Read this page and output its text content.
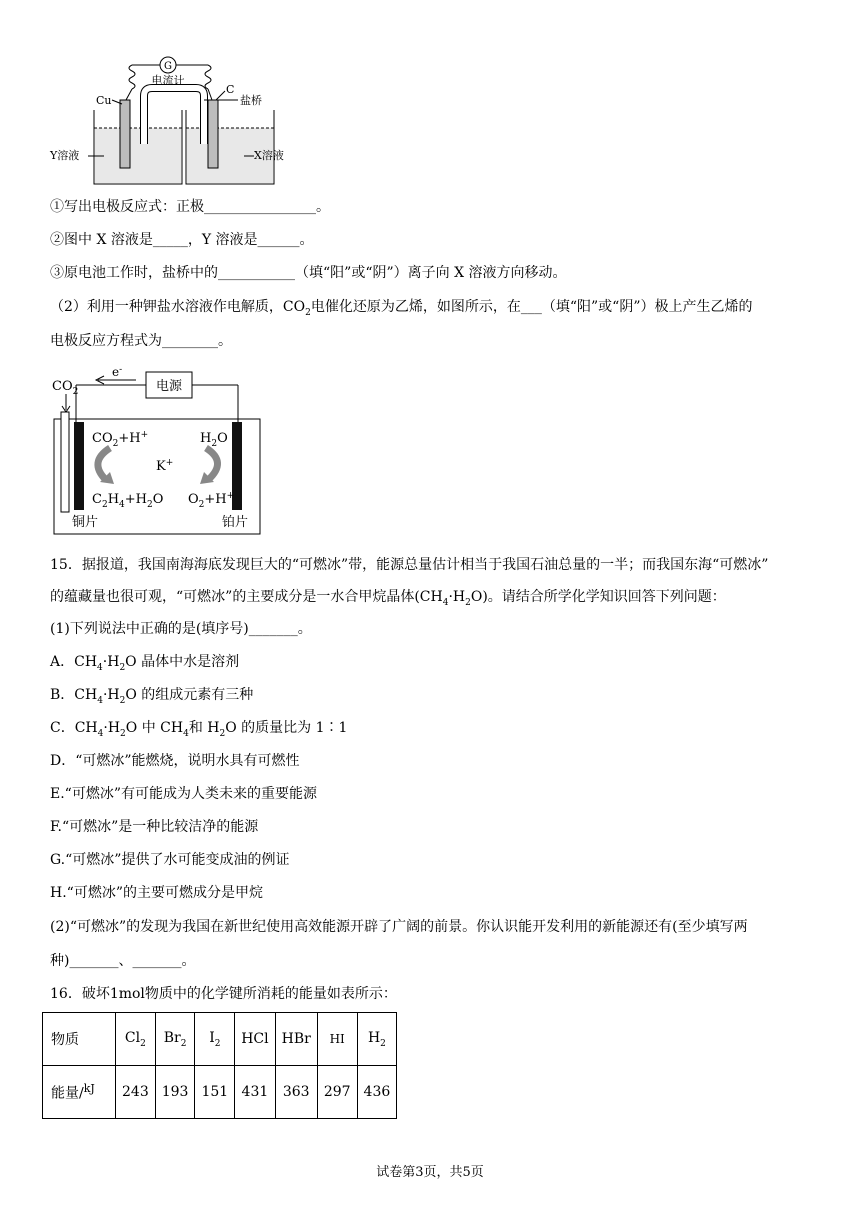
G
电流计
Cu
C
盐桥
Y溶液	X溶液
①写出电极反应式：正极________________。
②图中 X 溶液是_____，Y 溶液是______。
③原电池工作时，盐桥中的___________（填“阳”或“阴”）离子向 X 溶液方向移动。
（2）利用一种钾盐水溶液作电解质，$CO_2$电催化还原为乙烯，如图所示，在___（填“阳”或“阴”）极上产生乙烯的
电极反应方程式为________。
$CO_2$
e-
电源
$CO_2+H^+$
$C_2H_4+H_2O$
K+
$H_2O$
$O_2+H^+$
铜片	铂片
15．据报道，我国南海海底发现巨大的“可燃冰”带，能源总量估计相当于我国石油总量的一半；而我国东海“可燃冰”
的蕴藏量也很可观，“可燃冰”的主要成分是一水合甲烷晶体$(CH_4\cdot H_2O)$。请结合所学化学知识回答下列问题：
(1)下列说法中正确的是(填序号)_______。
A．$CH_4\cdot H_2O$ 晶体中水是溶剂
B．$CH_4\cdot H_2O$ 的组成元素有三种
C．$CH_4\cdot H_2O$ 中 $CH_4$和 $H_2O$ 的质量比为 1∶1
D．“可燃冰”能燃烧，说明水具有可燃性
E.“可燃冰”有可能成为人类未来的重要能源
F.“可燃冰”是一种比较洁净的能源
G.“可燃冰”提供了水可能变成油的例证
H.“可燃冰”的主要可燃成分是甲烷
(2)“可燃冰”的发现为我国在新世纪使用高效能源开辟了广阔的前景。你认识能开发利用的新能源还有(至少填写两
种)_______、_______。
16．破坏1mol物质中的化学键所消耗的能量如表所示：
物质	$Cl_2$	$Br_2$	$I_2$	HCl	HBr	HI	$H_2$
能量/$^{kJ}$	243	193	151	431	363	297	436
试卷第3页，共5页
